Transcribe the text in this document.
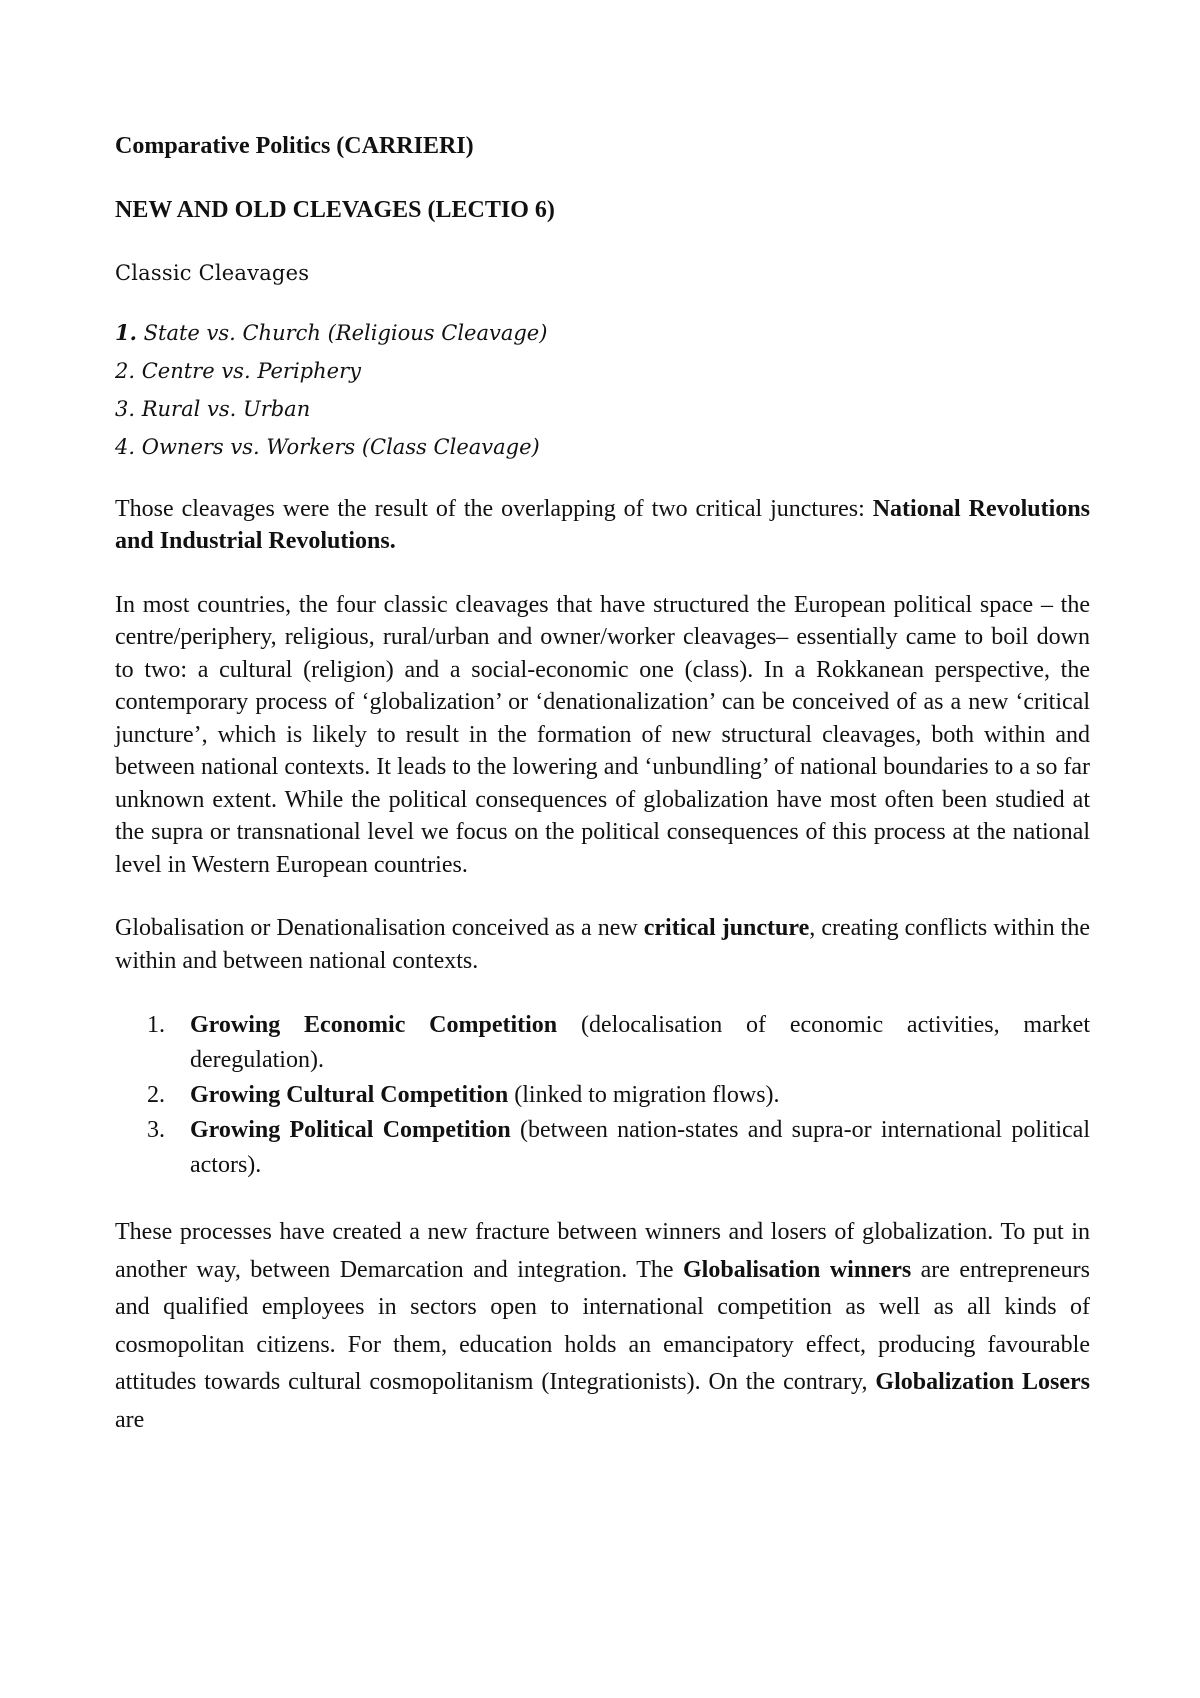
Comparative Politics (CARRIERI)
NEW AND OLD CLEVAGES (LECTIO 6)
Classic Cleavages
1. State vs. Church (Religious Cleavage)
2. Centre vs. Periphery
3. Rural vs. Urban
4. Owners vs. Workers (Class Cleavage)

Those cleavages were the result of the overlapping of two critical junctures: National Revolutions and Industrial Revolutions.

In most countries, the four classic cleavages that have structured the European political space – the centre/periphery, religious, rural/urban and owner/worker cleavages– essentially came to boil down to two: a cultural (religion) and a social-economic one (class). In a Rokkanean perspective, the contemporary process of ‘globalization’ or ‘denationalization’ can be conceived of as a new ‘critical juncture’, which is likely to result in the formation of new structural cleavages, both within and between national contexts. It leads to the lowering and ‘unbundling’ of national boundaries to a so far unknown extent. While the political consequences of globalization have most often been studied at the supra or transnational level we focus on the political consequences of this process at the national level in Western European countries.

Globalisation or Denationalisation conceived as a new critical juncture, creating conflicts within the within and between national contexts.

1.	Growing Economic Competition (delocalisation of economic activities, market deregulation).
2.	Growing Cultural Competition (linked to migration flows).
3.	Growing Political Competition (between nation-states and supra-or international political actors).

These processes have created a new fracture between winners and losers of globalization. To put in another way, between Demarcation and integration. The Globalisation winners are entrepreneurs and qualified employees in sectors open to international competition as well as all kinds of cosmopolitan citizens. For them, education holds an emancipatory effect, producing favourable attitudes towards cultural cosmopolitanism (Integrationists). On the contrary, Globalization Losers are
